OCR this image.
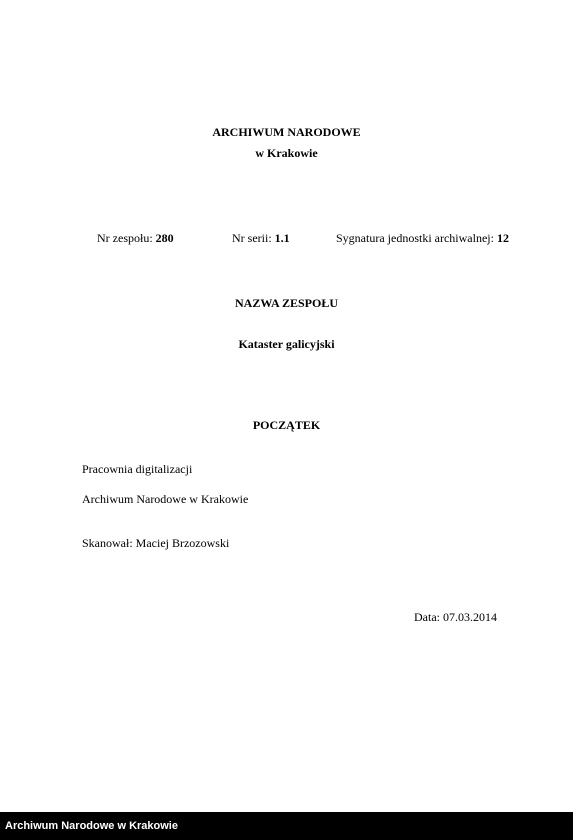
ARCHIWUM NARODOWE
w Krakowie
Nr zespołu: 280	Nr serii: 1.1	Sygnatura jednostki archiwalnej: 12
NAZWA ZESPOŁU
Kataster galicyjski
POCZĄTEK
Pracownia digitalizacji
Archiwum Narodowe w Krakowie
Skanował: Maciej Brzozowski
Data: 07.03.2014
Archiwum Narodowe w Krakowie
